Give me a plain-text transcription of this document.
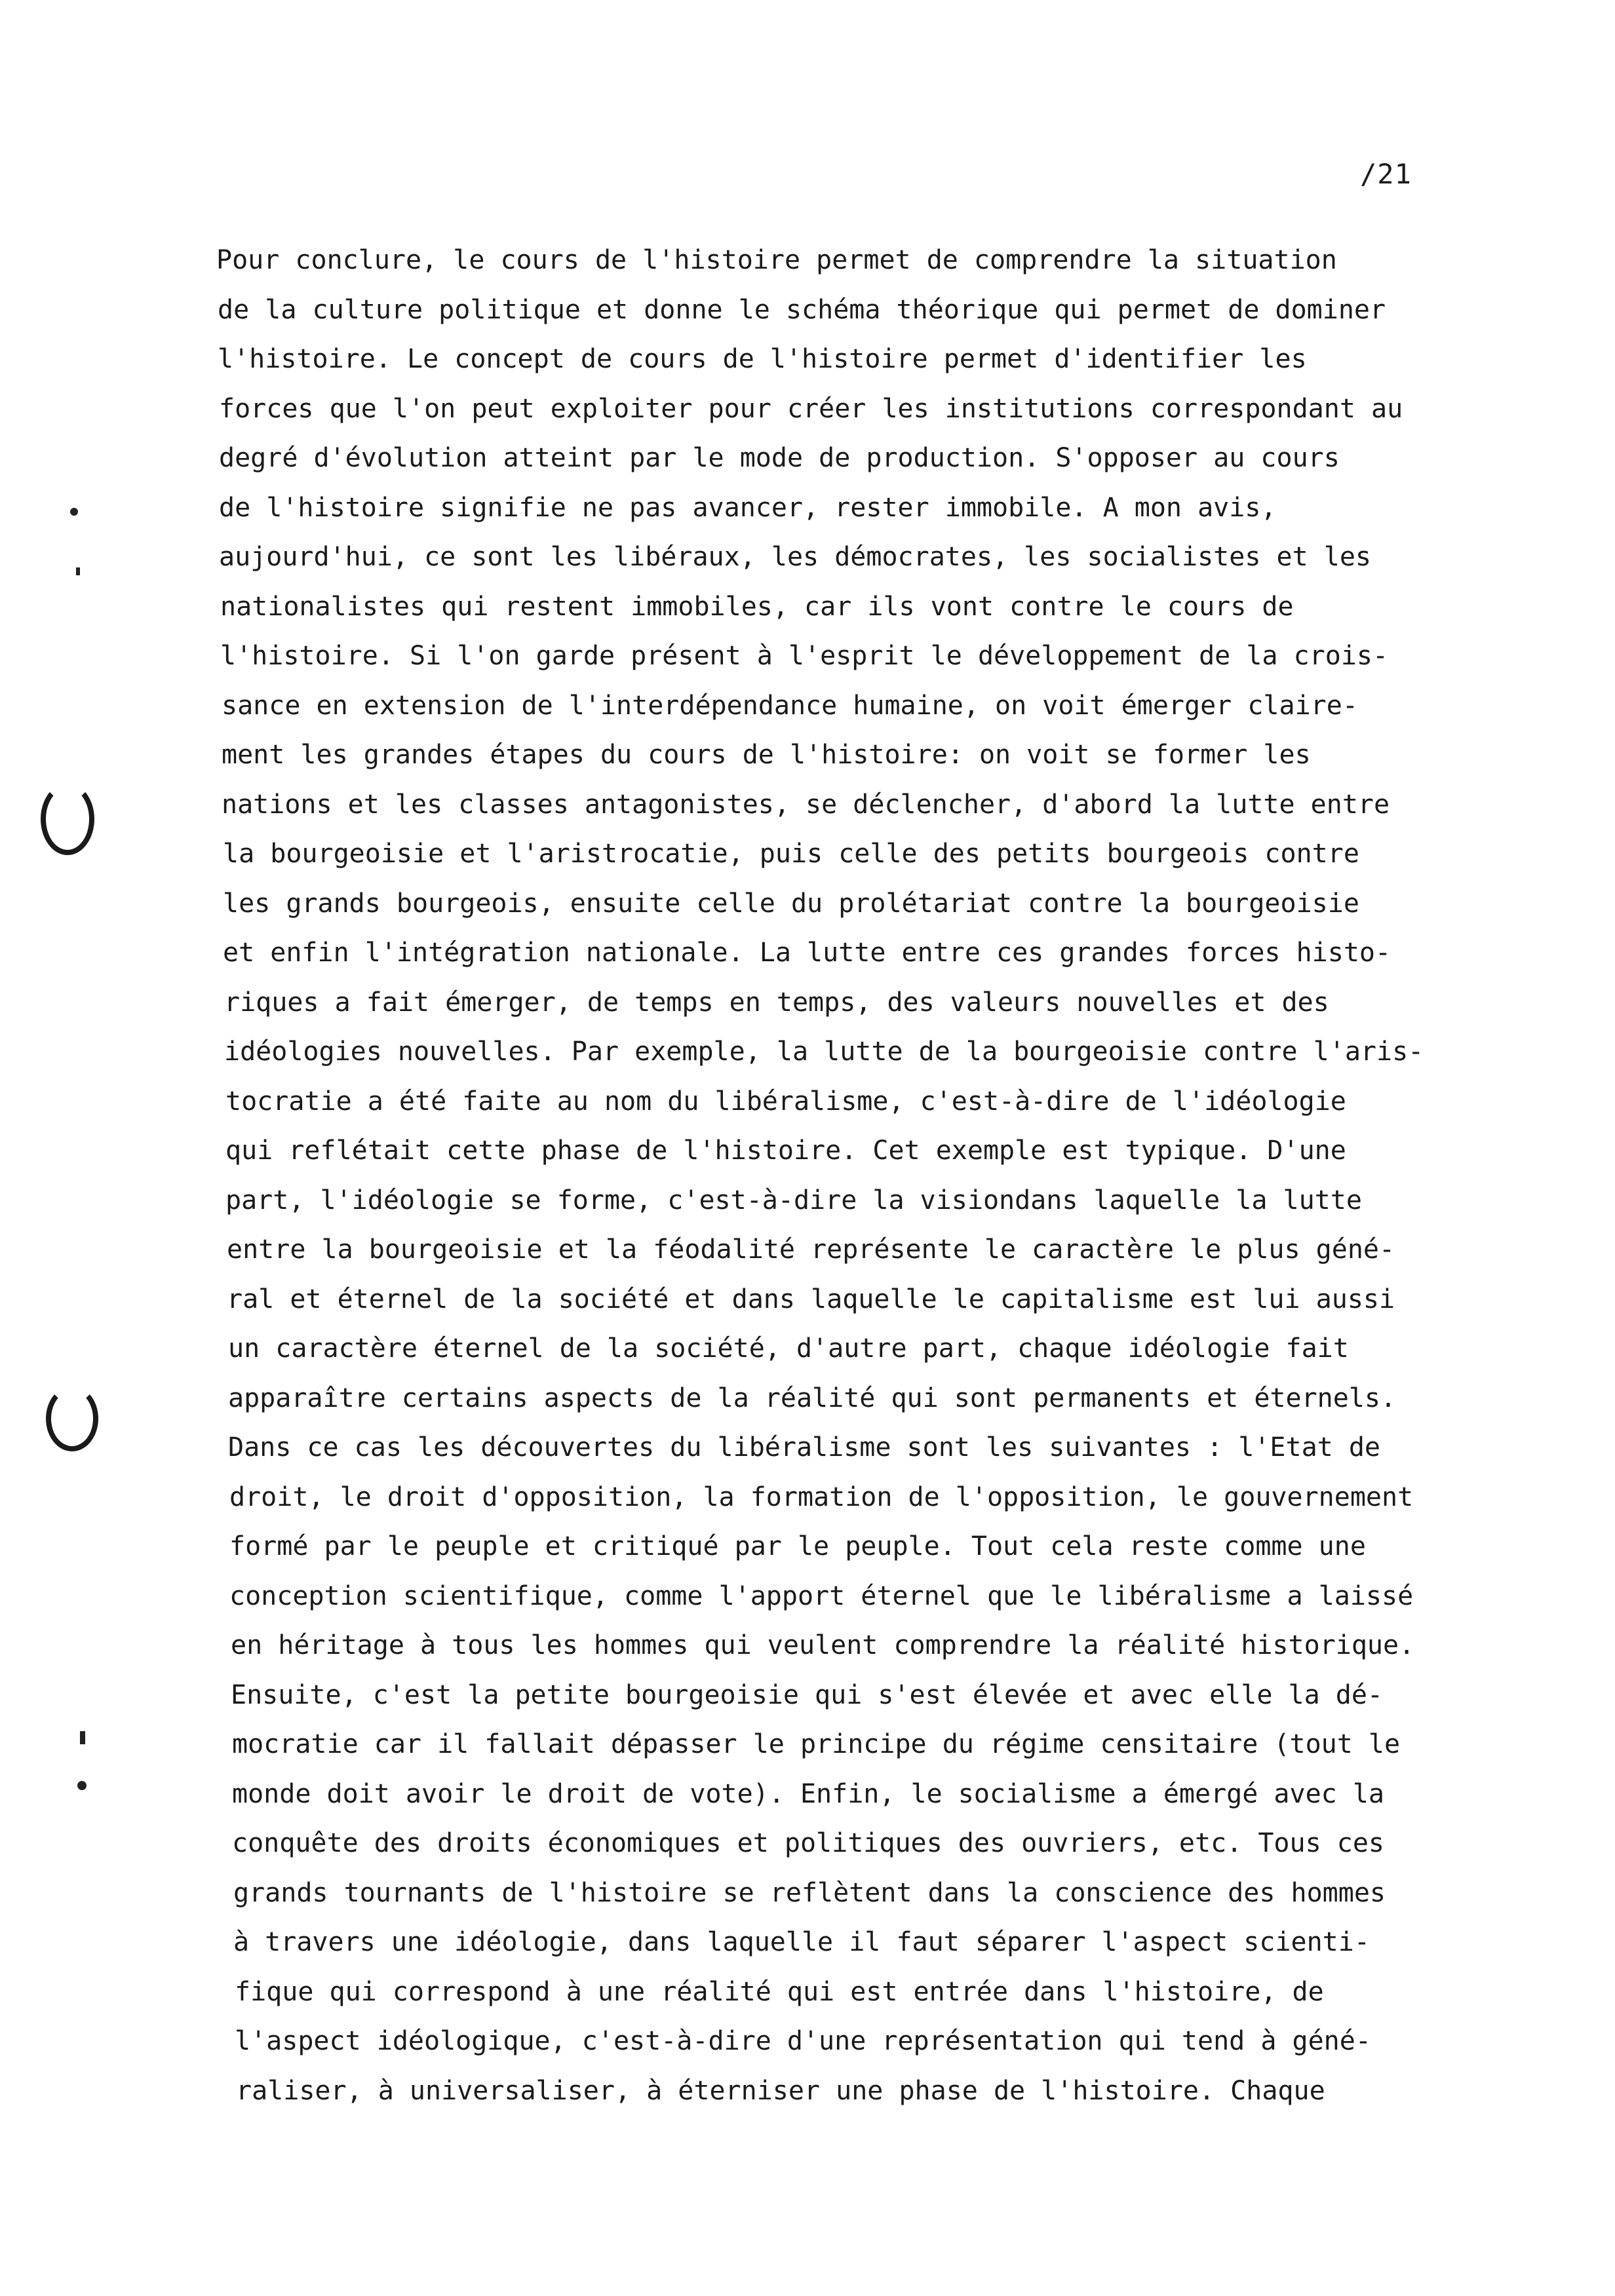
/21

Pour conclure, le cours de l'histoire permet de comprendre la situation

de la culture politique et donne le schéma théorique qui permet de dominer

l'histoire. Le concept de cours de l'histoire permet d'identifier les

forces que l'on peut exploiter pour créer les institutions correspondant au

degré d'évolution atteint par le mode de production. S'opposer au cours

de l'histoire signifie ne pas avancer, rester immobile. A mon avis,

aujourd'hui, ce sont les libéraux, les démocrates, les socialistes et les

nationalistes qui restent immobiles, car ils vont contre le cours de

l'histoire. Si l'on garde présent à l'esprit le développement de la crois-

sance en extension de l'interdépendance humaine, on voit émerger claire-

ment les grandes étapes du cours de l'histoire: on voit se former les

nations et les classes antagonistes, se déclencher, d'abord la lutte entre

la bourgeoisie et l'aristrocatie, puis celle des petits bourgeois contre

les grands bourgeois, ensuite celle du prolétariat contre la bourgeoisie

et enfin l'intégration nationale. La lutte entre ces grandes forces histo-

riques a fait émerger, de temps en temps, des valeurs nouvelles et des

idéologies nouvelles. Par exemple, la lutte de la bourgeoisie contre l'aris-

tocratie a été faite au nom du libéralisme, c'est-à-dire de l'idéologie

qui reflétait cette phase de l'histoire. Cet exemple est typique. D'une

part, l'idéologie se forme, c'est-à-dire la visiondans laquelle la lutte

entre la bourgeoisie et la féodalité représente le caractère le plus géné-

ral et éternel de la société et dans laquelle le capitalisme est lui aussi

un caractère éternel de la société, d'autre part, chaque idéologie fait

apparaître certains aspects de la réalité qui sont permanents et éternels.

Dans ce cas les découvertes du libéralisme sont les suivantes : l'Etat de

droit, le droit d'opposition, la formation de l'opposition, le gouvernement

formé par le peuple et critiqué par le peuple. Tout cela reste comme une

conception scientifique, comme l'apport éternel que le libéralisme a laissé

en héritage à tous les hommes qui veulent comprendre la réalité historique.

Ensuite, c'est la petite bourgeoisie qui s'est élevée et avec elle la dé-

mocratie car il fallait dépasser le principe du régime censitaire (tout le

monde doit avoir le droit de vote). Enfin, le socialisme a émergé avec la

conquête des droits économiques et politiques des ouvriers, etc. Tous ces

grands tournants de l'histoire se reflètent dans la conscience des hommes

à travers une idéologie, dans laquelle il faut séparer l'aspect scienti-

fique qui correspond à une réalité qui est entrée dans l'histoire, de

l'aspect idéologique, c'est-à-dire d'une représentation qui tend à géné-

raliser, à universaliser, à éterniser une phase de l'histoire. Chaque
